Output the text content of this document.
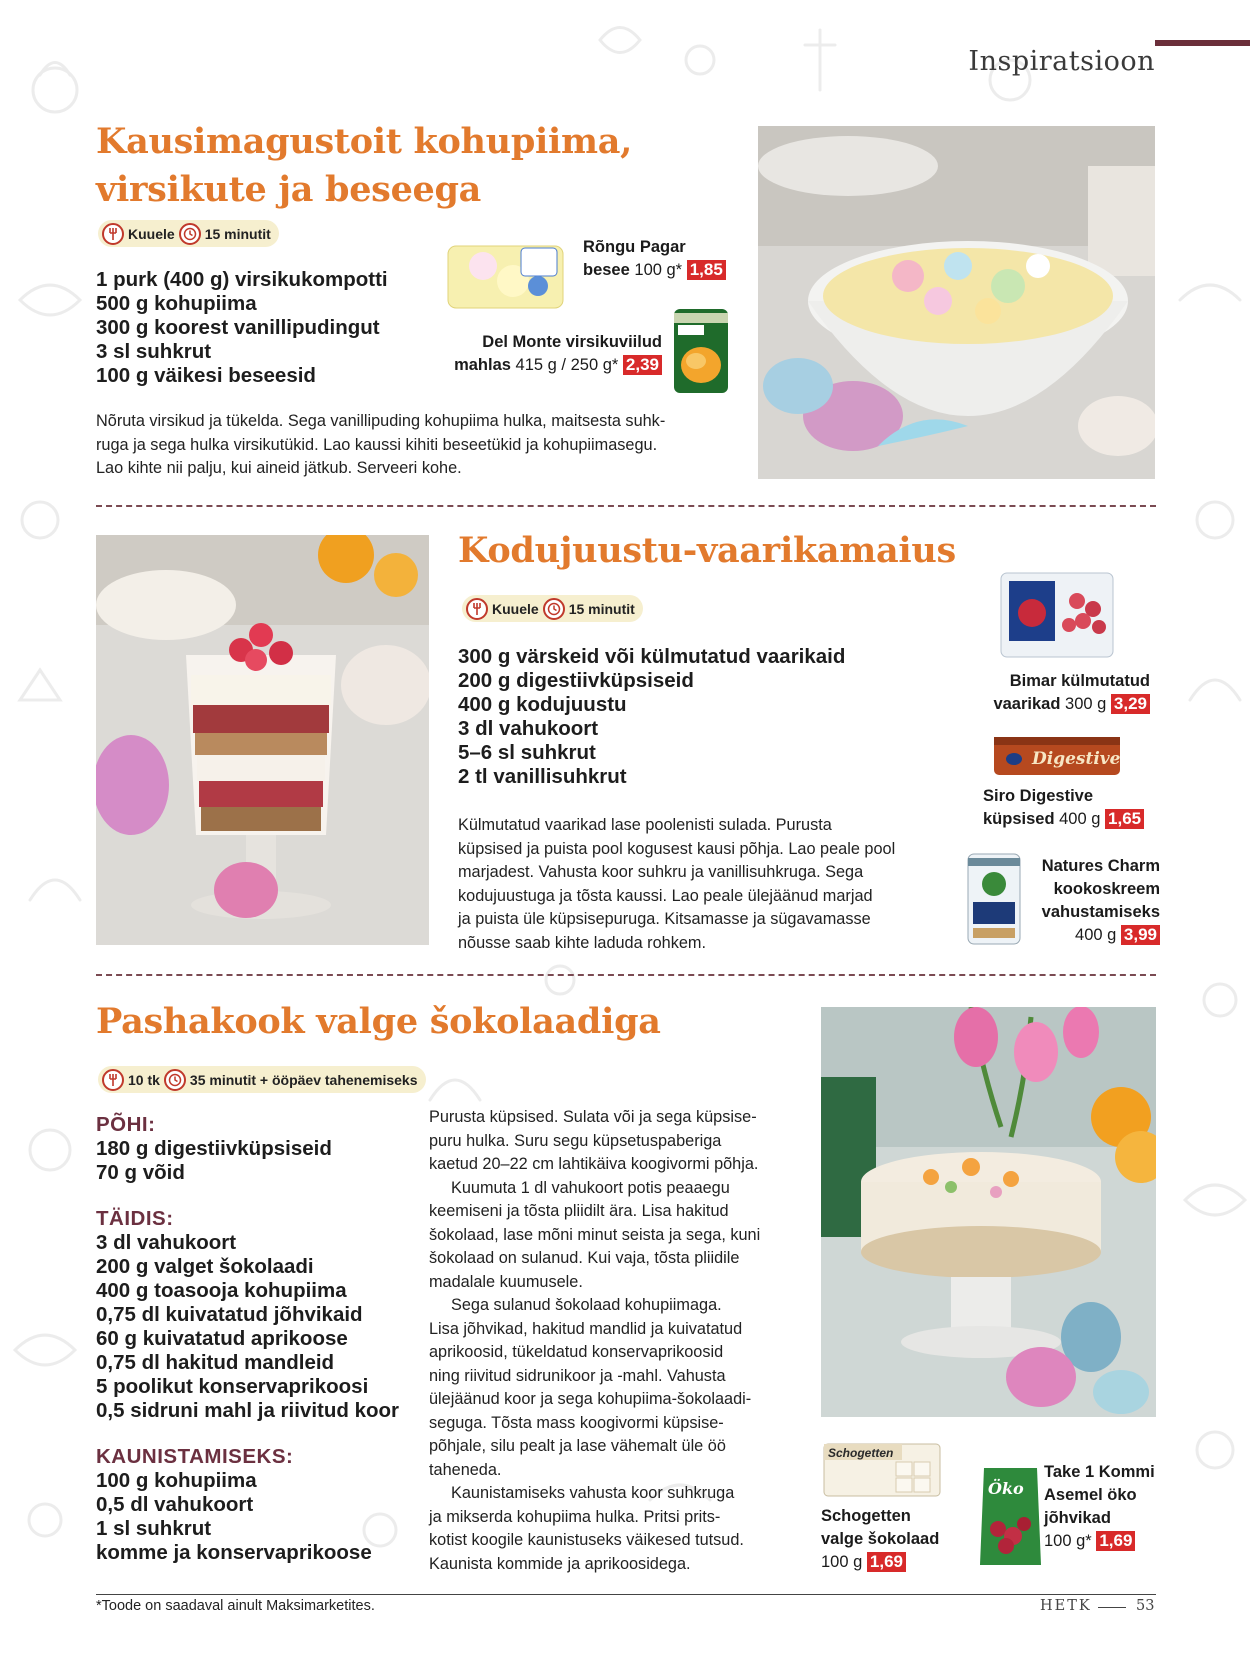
Inspiratsioon
Kausimagustoit kohupiima,
virsikute ja beseega
Kuuele 15 minutit
1 purk (400 g) virsikukompotti
500 g kohupiima
300 g koorest vanillipudingut
3 sl suhkrut
100 g väikesi beseesid
Rõngu Pagar
besee 100 g* 1,85
Del Monte virsikuviilud
mahlas 415 g / 250 g* 2,39

Nõruta virsikud ja tükelda. Sega vanillipuding kohupiima hulka, maitsesta suhk-

ruga ja sega hulka virsikutükid. Lao kaussi kihiti beseetükid ja kohupiimasegu.

Lao kihte nii palju, kui aineid jätkub. Serveeri kohe.

Kodujuustu-vaarikamaius
Kuuele 15 minutit
300 g värskeid või külmutatud vaarikaid
200 g digestiivküpsiseid
400 g kodujuustu
3 dl vahukoort
5–6 sl suhkrut
2 tl vanillisuhkrut

Külmutatud vaarikad lase poolenisti sulada. Purusta

küpsised ja puista pool kogusest kausi põhja. Lao peale pool

marjadest. Vahusta koor suhkru ja vanillisuhkruga. Sega

kodujuustuga ja tõsta kaussi. Lao peale ülejäänud marjad

ja puista üle küpsisepuruga. Kitsamasse ja sügavamasse

nõusse saab kihte laduda rohkem.

Bimar külmutatud
vaarikad 300 g 3,29
Digestive
Siro Digestive
küpsised 400 g 1,65
Natures Charm
kookoskreem
vahustamiseks
400 g 3,99
Pashakook valge šokolaadiga
10 tk 35 minutit + ööpäev tahenemiseks
PÕHI:
180 g digestiivküpsiseid
70 g võid
TÄIDIS:
3 dl vahukoort
200 g valget šokolaadi
400 g toasooja kohupiima
0,75 dl kuivatatud jõhvikaid
60 g kuivatatud aprikoose
0,75 dl hakitud mandleid
5 poolikut konservaprikoosi
0,5 sidruni mahl ja riivitud koor
KAUNISTAMISEKS:
100 g kohupiima
0,5 dl vahukoort
1 sl suhkrut
komme ja konservaprikoose

Purusta küpsised. Sulata või ja sega küpsise-

puru hulka. Suru segu küpsetuspaberiga

kaetud 20–22 cm lahtikäiva koogivormi põhja.

Kuumuta 1 dl vahukoort potis peaaegu

keemiseni ja tõsta pliidilt ära. Lisa hakitud

šokolaad, lase mõni minut seista ja sega, kuni

šokolaad on sulanud. Kui vaja, tõsta pliidile

madalale kuumusele.

Sega sulanud šokolaad kohupiimaga.

Lisa jõhvikad, hakitud mandlid ja kuivatatud

aprikoosid, tükeldatud konservaprikoosid

ning riivitud sidrunikoor ja -mahl. Vahusta

ülejäänud koor ja sega kohupiima-šokolaadi-

seguga. Tõsta mass koogivormi küpsise-

põhjale, silu pealt ja lase vähemalt üle öö

taheneda.

Kaunistamiseks vahusta koor suhkruga

ja mikserda kohupiima hulka. Pritsi prits-

kotist koogile kaunistuseks väikesed tutsud.

Kaunista kommide ja aprikoosidega.

Schogetten
Schogetten
valge šokolaad
100 g 1,69
Öko
Take 1 Kommi
Asemel öko
jõhvikad
100 g* 1,69
*Toode on saadaval ainult Maksimarketites.	HETK	53
